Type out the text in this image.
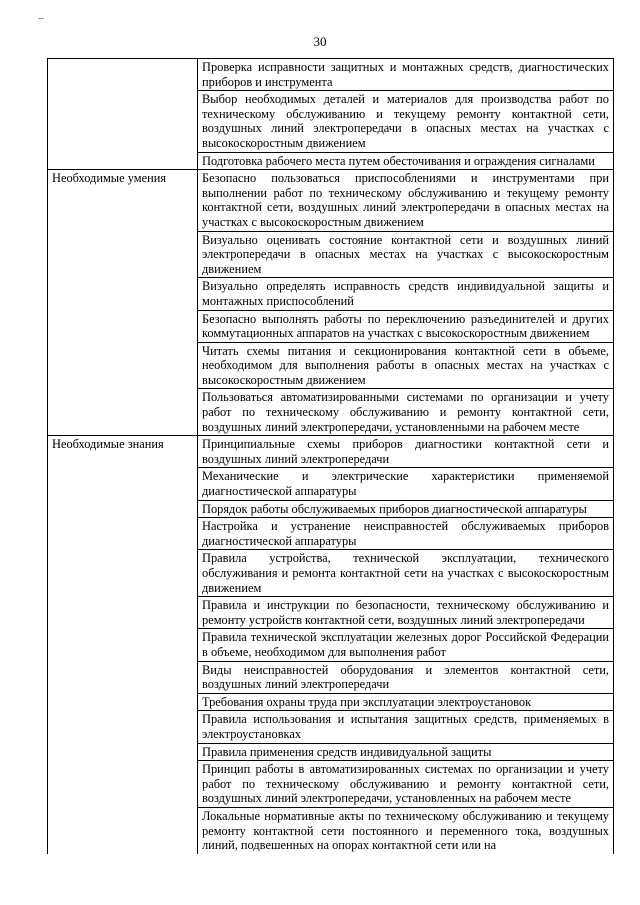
30
	Проверка исправности защитных и монтажных средств, диагностических приборов и инструмента
	Выбор необходимых деталей и материалов для производства работ по техническому обслуживанию и текущему ремонту контактной сети, воздушных линий электропередачи в опасных местах на участках с высокоскоростным движением
	Подготовка рабочего места путем обесточивания и ограждения сигналами
Необходимые умения	Безопасно пользоваться приспособлениями и инструментами при выполнении работ по техническому обслуживанию и текущему ремонту контактной сети, воздушных линий электропередачи в опасных местах на участках с высокоскоростным движением
	Визуально оценивать состояние контактной сети и воздушных линий электропередачи в опасных местах на участках с высокоскоростным движением
	Визуально определять исправность средств индивидуальной защиты и монтажных приспособлений
	Безопасно выполнять работы по переключению разъединителей и других коммутационных аппаратов на участках с высокоскоростным движением
	Читать схемы питания и секционирования контактной сети в объеме, необходимом для выполнения работы в опасных местах на участках с высокоскоростным движением
	Пользоваться автоматизированными системами по организации и учету работ по техническому обслуживанию и ремонту контактной сети, воздушных линий электропередачи, установленными на рабочем месте
Необходимые знания	Принципиальные схемы приборов диагностики контактной сети и воздушных линий электропередачи
	Механические и электрические характеристики применяемой диагностической аппаратуры
	Порядок работы обслуживаемых приборов диагностической аппаратуры
	Настройка и устранение неисправностей обслуживаемых приборов диагностической аппаратуры
	Правила устройства, технической эксплуатации, технического обслуживания и ремонта контактной сети на участках с высокоскоростным движением
	Правила и инструкции по безопасности, техническому обслуживанию и ремонту устройств контактной сети, воздушных линий электропередачи
	Правила технической эксплуатации железных дорог Российской Федерации в объеме, необходимом для выполнения работ
	Виды неисправностей оборудования и элементов контактной сети, воздушных линий электропередачи
	Требования охраны труда при эксплуатации электроустановок
	Правила использования и испытания защитных средств, применяемых в электроустановках
	Правила применения средств индивидуальной защиты
	Принцип работы в автоматизированных системах по организации и учету работ по техническому обслуживанию и ремонту контактной сети, воздушных линий электропередачи, установленных на рабочем месте
	Локальные нормативные акты по техническому обслуживанию и текущему ремонту контактной сети постоянного и переменного тока, воздушных линий, подвешенных на опорах контактной сети или на
